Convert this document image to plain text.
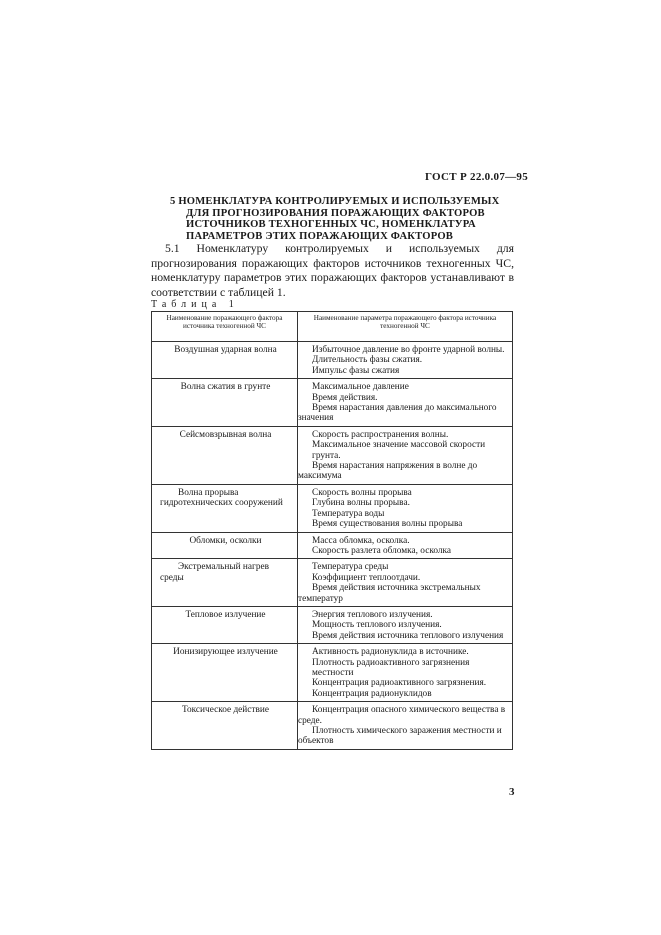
ГОСТ Р 22.0.07—95
5 НОМЕНКЛАТУРА КОНТРОЛИРУЕМЫХ И ИСПОЛЬЗУЕМЫХ
ДЛЯ ПРОГНОЗИРОВАНИЯ ПОРАЖАЮЩИХ ФАКТОРОВ
ИСТОЧНИКОВ ТЕХНОГЕННЫХ ЧС, НОМЕНКЛАТУРА
ПАРАМЕТРОВ ЭТИХ ПОРАЖАЮЩИХ ФАКТОРОВ
5.1 Номенклатуру контролируемых и используемых для прогнозирования поражающих факторов источников техногенных ЧС, номенклатуру параметров этих поражающих факторов устанавливают в соответствии с таблицей 1.
Таблица 1
Наименование поражающего фактора источника техногенной ЧС	Наименование параметра поражающего фактора источника техногенной ЧС

Воздушная ударная волна	Избыточное давление во фронте ударной волны.
Длительность фазы сжатия.
Импульс фазы сжатия

Волна сжатия в грунте	Максимальное давление
Время действия.
Время нарастания давления до максимального значения

Сейсмовзрывная волна	Скорость распространения волны.
Максимальное значение массовой скорости грунта.
Время нарастания напряжения в волне до максимума

Волна прорыва гидротехнических сооружений	Скорость волны прорыва
Глубина волны прорыва.
Температура воды
Время существования волны прорыва

Обломки, осколки	Масса обломка, осколка.
Скорость разлета обломка, осколка

Экстремальный нагрев среды	Температура среды
Коэффициент теплоотдачи.
Время действия источника экстремальных температур

Тепловое излучение	Энергия теплового излучения.
Мощность теплового излучения.
Время действия источника теплового излучения

Ионизирующее излучение	Активность радионуклида в источнике.
Плотность радиоактивного загрязнения местности
Концентрация радиоактивного загрязнения.
Концентрация радионуклидов

Токсическое действие	Концентрация опасного химического вещества в среде.
Плотность химического заражения местности и объектов
3
